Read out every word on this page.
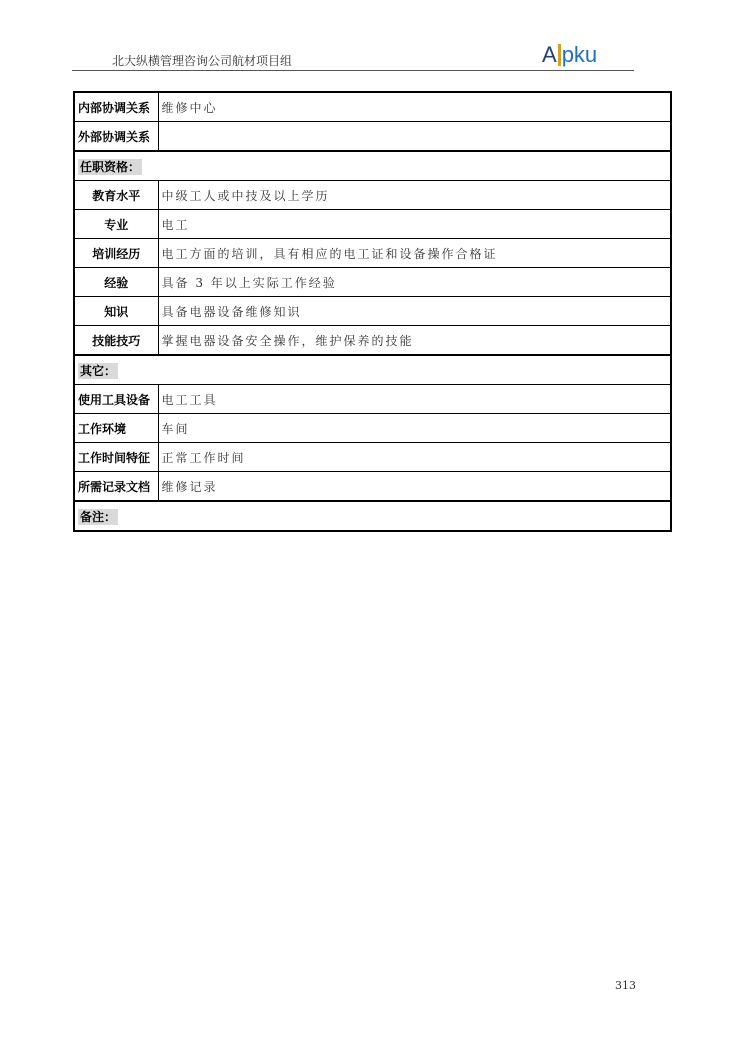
北大纵横管理咨询公司航材项目组	A pku
内部协调关系	维修中心
外部协调关系	
任职资格：	
教育水平	中级工人或中技及以上学历
专业	电工
培训经历	电工方面的培训，具有相应的电工证和设备操作合格证
经验	具备 3 年以上实际工作经验
知识	具备电器设备维修知识
技能技巧	掌握电器设备安全操作，维护保养的技能
其它：	
使用工具设备	电工工具
工作环境	车间
工作时间特征	正常工作时间
所需记录文档	维修记录
备注：	
313
